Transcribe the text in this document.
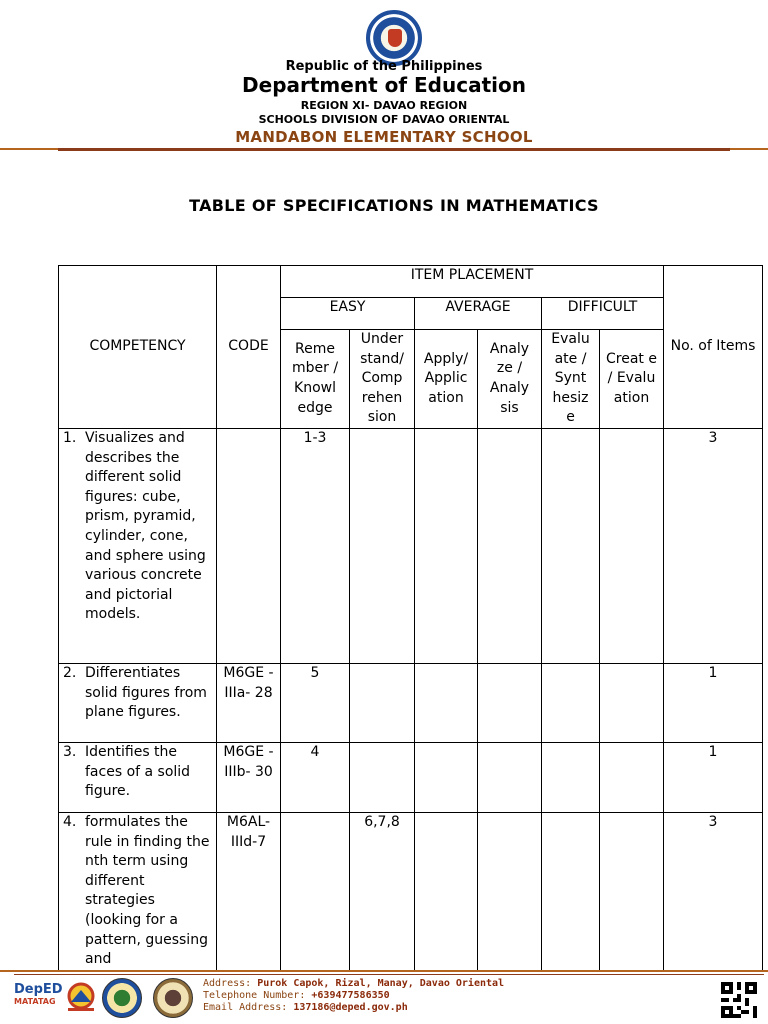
Republic of the Philippines
Department of Education
REGION XI- DAVAO REGION
SCHOOLS DIVISION OF DAVAO ORIENTAL
MANDABON ELEMENTARY SCHOOL
TABLE OF SPECIFICATIONS IN MATHEMATICS
COMPETENCY	CODE	ITEM PLACEMENT						No. of Items
		EASY		AVERAGE		DIFFICULT		
		Reme mber / Knowl edge	Under stand/ Comp rehen sion	Apply/ Applic ation	Analy ze / Analy sis	Evalu ate / Synt hesiz e	Creat e / Evalu ation	

1. Visualizes and describes the different solid figures: cube, prism, pyramid, cylinder, cone, and sphere using various concrete and pictorial models.		1-3						3

2. Differentiates solid figures from plane figures.	M6GE -IIIa- 28	5						1

3. Identifies the faces of a solid figure.	M6GE -IIIb- 30	4						1

4. formulates the rule in finding the nth term using different strategies (looking for a pattern, guessing and	M6AL- IIId-7		6,7,8					3
DepED
MATATAG
Address: Purok Capok, Rizal, Manay, Davao Oriental
Telephone Number: +639477586350
Email Address: 137186@deped.gov.ph
